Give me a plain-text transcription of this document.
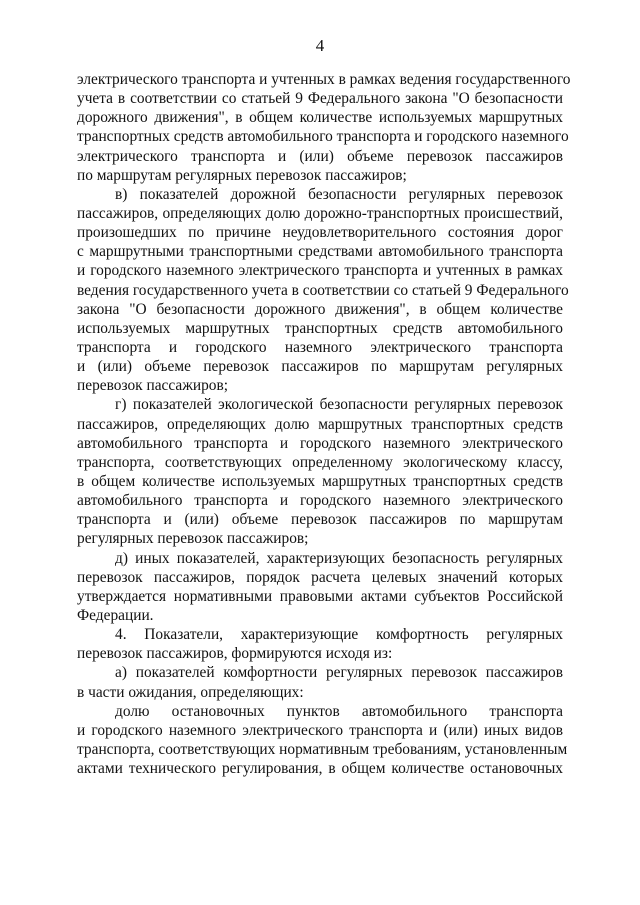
4
электрического транспорта и учтенных в рамках ведения государственного
учета в соответствии со статьей 9 Федерального закона "О безопасности
дорожного движения", в общем количестве используемых маршрутных
транспортных средств автомобильного транспорта и городского наземного
электрического транспорта и (или) объеме перевозок пассажиров
по маршрутам регулярных перевозок пассажиров;
в) показателей дорожной безопасности регулярных перевозок
пассажиров, определяющих долю дорожно-транспортных происшествий,
произошедших по причине неудовлетворительного состояния дорог
с маршрутными транспортными средствами автомобильного транспорта
и городского наземного электрического транспорта и учтенных в рамках
ведения государственного учета в соответствии со статьей 9 Федерального
закона "О безопасности дорожного движения", в общем количестве
используемых маршрутных транспортных средств автомобильного
транспорта и городского наземного электрического транспорта
и (или) объеме перевозок пассажиров по маршрутам регулярных
перевозок пассажиров;
г) показателей экологической безопасности регулярных перевозок
пассажиров, определяющих долю маршрутных транспортных средств
автомобильного транспорта и городского наземного электрического
транспорта, соответствующих определенному экологическому классу,
в общем количестве используемых маршрутных транспортных средств
автомобильного транспорта и городского наземного электрического
транспорта и (или) объеме перевозок пассажиров по маршрутам
регулярных перевозок пассажиров;
д) иных показателей, характеризующих безопасность регулярных
перевозок пассажиров, порядок расчета целевых значений которых
утверждается нормативными правовыми актами субъектов Российской
Федерации.
4. Показатели, характеризующие комфортность регулярных
перевозок пассажиров, формируются исходя из:
а) показателей комфортности регулярных перевозок пассажиров
в части ожидания, определяющих:
долю остановочных пунктов автомобильного транспорта
и городского наземного электрического транспорта и (или) иных видов
транспорта, соответствующих нормативным требованиям, установленным
актами технического регулирования, в общем количестве остановочных
